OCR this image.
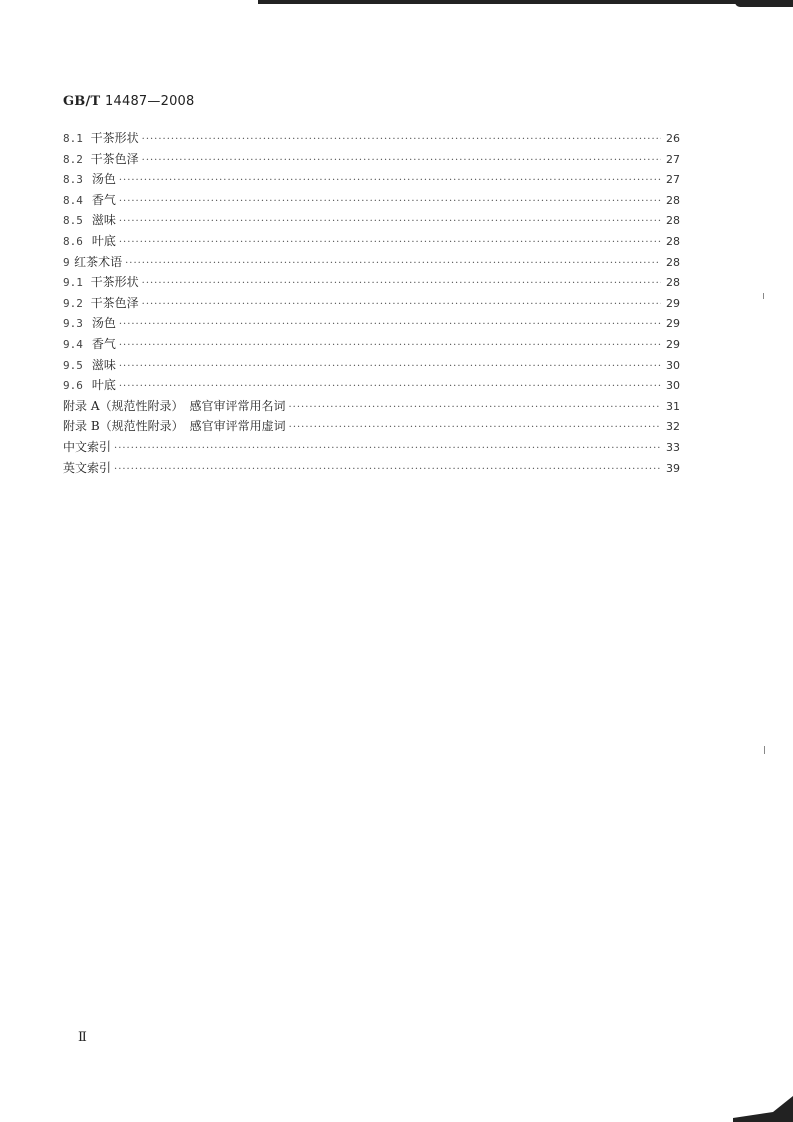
GB/T 14487—2008
8.1 干茶形状 ·····	26
8.2 干茶色泽 ·····	27
8.3 汤色 ·····	27
8.4 香气 ·····	28
8.5 滋味 ·····	28
8.6 叶底 ·····	28
9 红茶术语 ·····	28
9.1 干茶形状 ·····	28
9.2 干茶色泽 ·····	29
9.3 汤色 ·····	29
9.4 香气 ·····	29
9.5 滋味 ·····	30
9.6 叶底 ·····	30
附录 A（规范性附录）　感官审评常用名词 ·····	31
附录 B（规范性附录）　感官审评常用虚词 ·····	32
中文索引 ·····	33
英文索引 ·····	39
Ⅱ
